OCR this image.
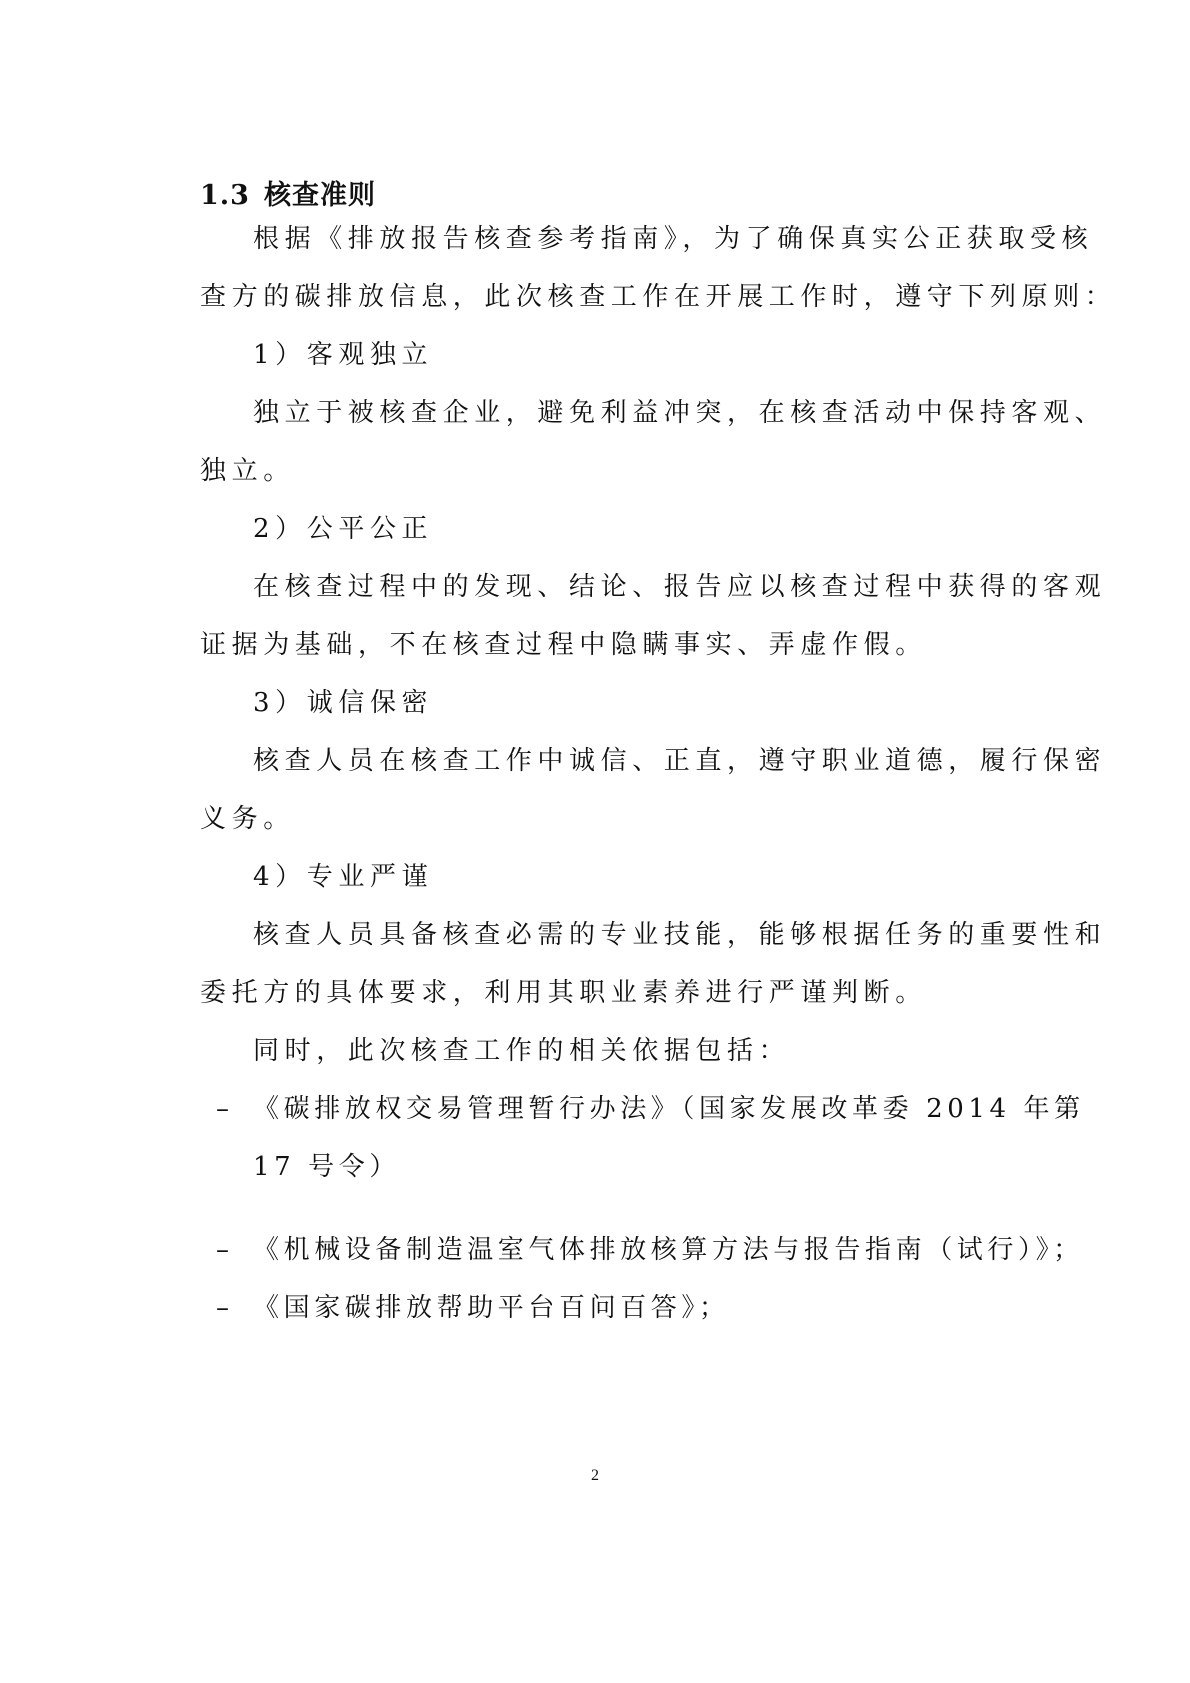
1.3 核查准则
根据《排放报告核查参考指南》，为了确保真实公正获取受核
查方的碳排放信息，此次核查工作在开展工作时，遵守下列原则：
1）客观独立
独立于被核查企业，避免利益冲突，在核查活动中保持客观、
独立。
2）公平公正
在核查过程中的发现、结论、报告应以核查过程中获得的客观
证据为基础，不在核查过程中隐瞒事实、弄虚作假。
3）诚信保密
核查人员在核查工作中诚信、正直，遵守职业道德，履行保密
义务。
4）专业严谨
核查人员具备核查必需的专业技能，能够根据任务的重要性和
委托方的具体要求，利用其职业素养进行严谨判断。
同时，此次核查工作的相关依据包括：
– 《碳排放权交易管理暂行办法》（国家发展改革委 2014 年第
17 号令）
– 《机械设备制造温室气体排放核算方法与报告指南（试行）》；
– 《国家碳排放帮助平台百问百答》；
2
